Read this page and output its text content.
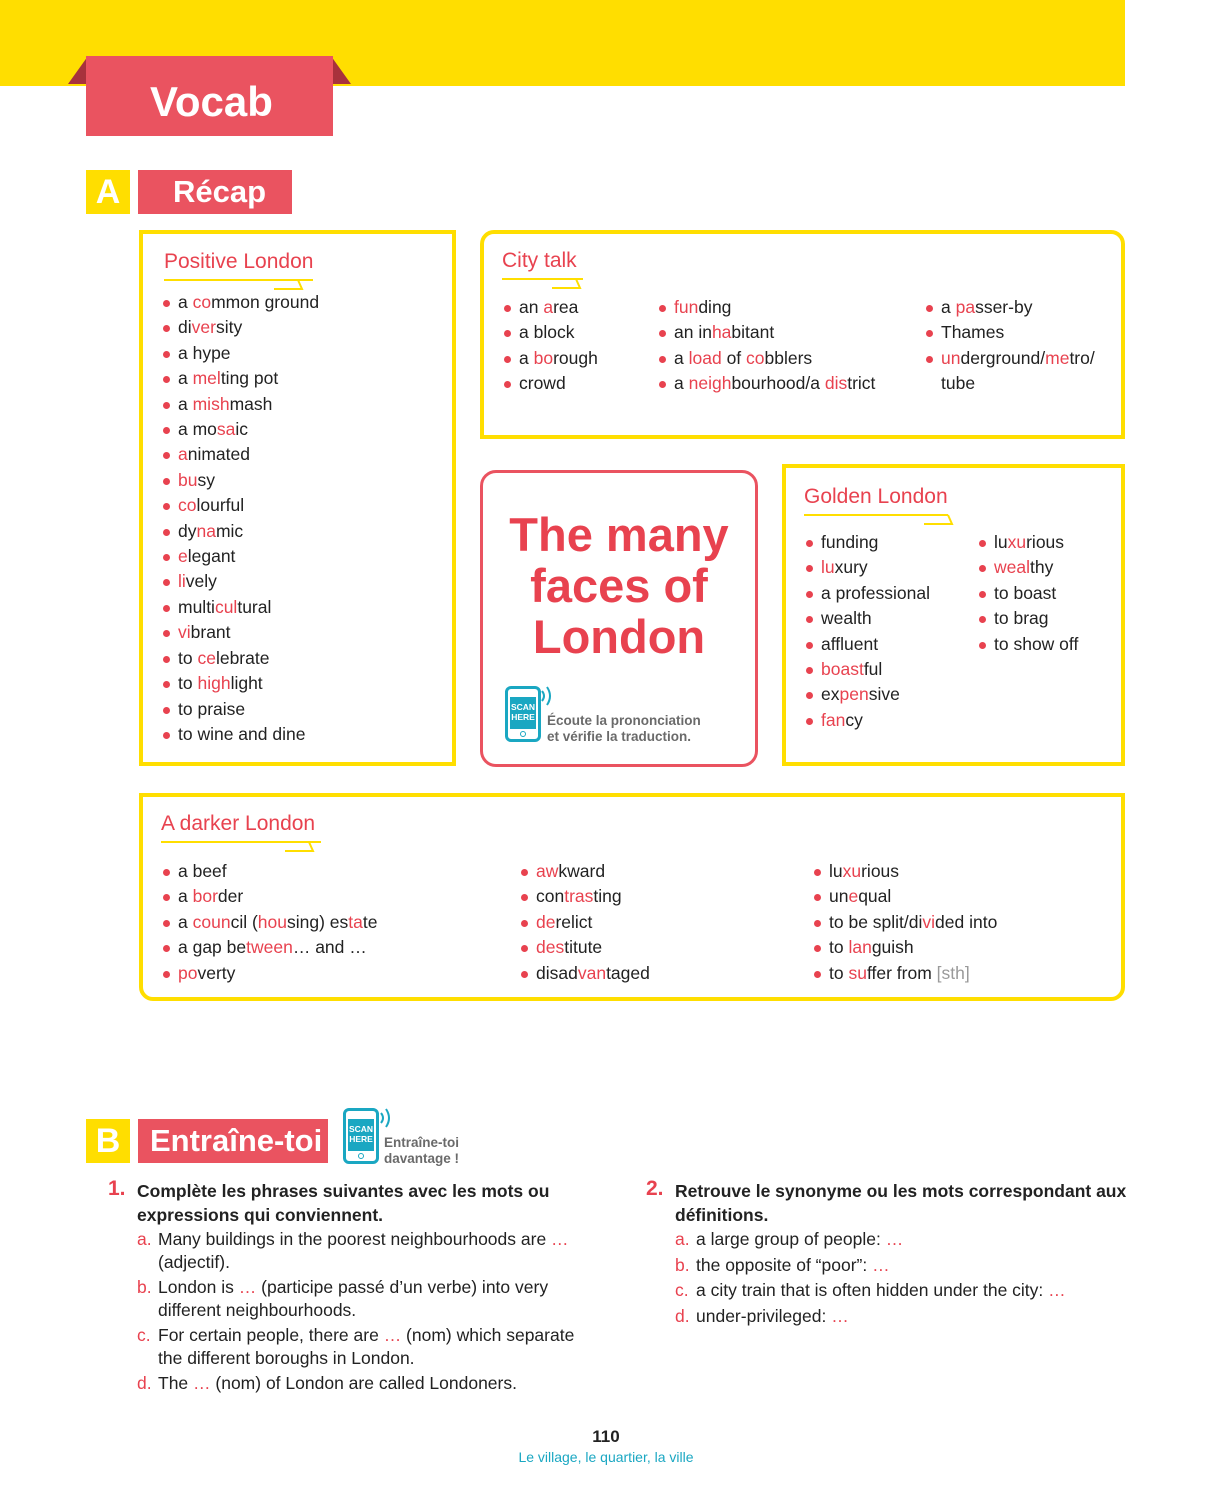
Vocab
A	Récap
Positive London
a common ground
diversity
a hype
a melting pot
a mishmash
a mosaic
animated
busy
colourful
dynamic
elegant
lively
multicultural
vibrant
to celebrate
to highlight
to praise
to wine and dine
City talk
an area
a block
a borough
crowd
funding
an inhabitant
a load of cobblers
a neighbourhood/a district
a passer-by
Thames
underground/metro/
tube
The many
faces of
London
SCAN
HERE Écoute la prononciation
et vérifie la traduction.
Golden London
funding
luxury
a professional
wealth
affluent
boastful
expensive
fancy
luxurious
wealthy
to boast
to brag
to show off
A darker London
a beef
a border
a council (housing) estate
a gap between… and …
poverty
awkward
contrasting
derelict
destitute
disadvantaged
luxurious
unequal
to be split/divided into
to languish
to suffer from [sth]
B Entraîne-toi	SCAN
HERE Entraîne-toi
davantage !
1. Complète les phrases suivantes avec les mots ou expressions qui conviennent.
a. Many buildings in the poorest neighbourhoods are … (adjectif).
b. London is … (participe passé d’un verbe) into very different neighbourhoods.
c. For certain people, there are … (nom) which separate the different boroughs in London.
d. The … (nom) of London are called Londoners.
2. Retrouve le synonyme ou les mots correspondant aux définitions.
a. a large group of people: …
b. the opposite of “poor”: …
c. a city train that is often hidden under the city: …
d. under-privileged: …
110
Le village, le quartier, la ville
